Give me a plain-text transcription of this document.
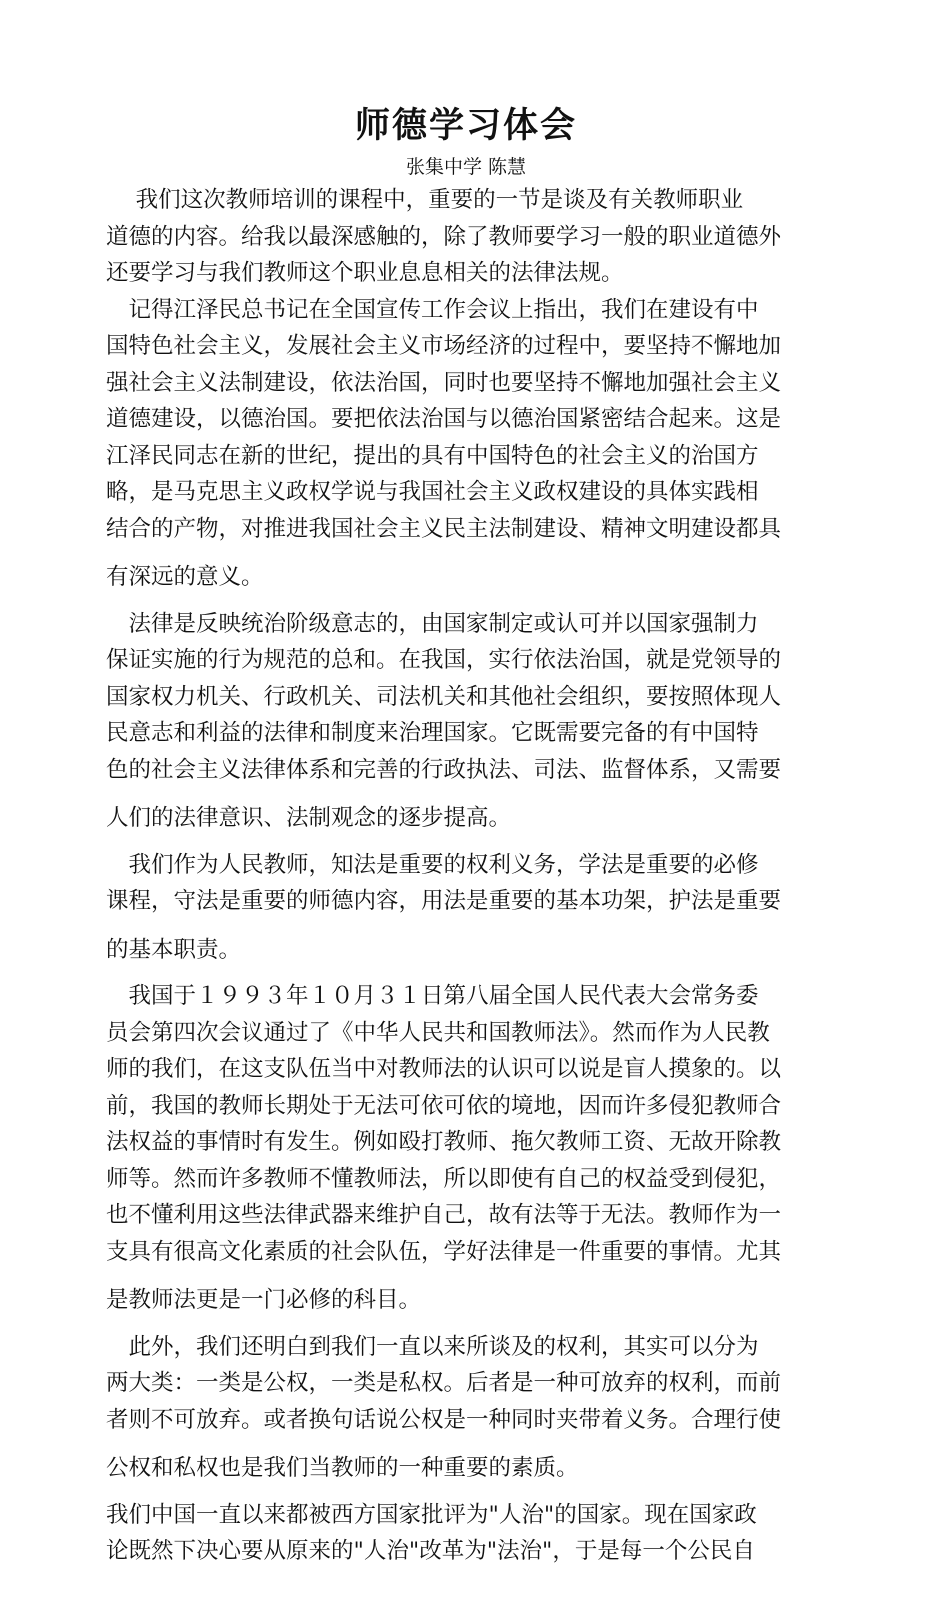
师德学习体会
张集中学 陈慧

　 我们这次教师培训的课程中，重要的一节是谈及有关教师职业
道德的内容。给我以最深感触的，除了教师要学习一般的职业道德外
还要学习与我们教师这个职业息息相关的法律法规。

　记得江泽民总书记在全国宣传工作会议上指出，我们在建设有中
国特色社会主义，发展社会主义市场经济的过程中，要坚持不懈地加
强社会主义法制建设，依法治国，同时也要坚持不懈地加强社会主义
道德建设，以德治国。要把依法治国与以德治国紧密结合起来。这是
江泽民同志在新的世纪，提出的具有中国特色的社会主义的治国方
略，是马克思主义政权学说与我国社会主义政权建设的具体实践相
结合的产物，对推进我国社会主义民主法制建设、精神文明建设都具
有深远的意义。

　法律是反映统治阶级意志的，由国家制定或认可并以国家强制力
保证实施的行为规范的总和。在我国，实行依法治国，就是党领导的
国家权力机关、行政机关、司法机关和其他社会组织，要按照体现人
民意志和利益的法律和制度来治理国家。它既需要完备的有中国特
色的社会主义法律体系和完善的行政执法、司法、监督体系，又需要
人们的法律意识、法制观念的逐步提高。

　我们作为人民教师，知法是重要的权利义务，学法是重要的必修
课程，守法是重要的师德内容，用法是重要的基本功架，护法是重要
的基本职责。

　我国于１９９３年１０月３１日第八届全国人民代表大会常务委
员会第四次会议通过了《中华人民共和国教师法》。然而作为人民教
师的我们，在这支队伍当中对教师法的认识可以说是盲人摸象的。以
前，我国的教师长期处于无法可依可依的境地，因而许多侵犯教师合
法权益的事情时有发生。例如殴打教师、拖欠教师工资、无故开除教
师等。然而许多教师不懂教师法，所以即使有自己的权益受到侵犯，
也不懂利用这些法律武器来维护自己，故有法等于无法。教师作为一
支具有很高文化素质的社会队伍，学好法律是一件重要的事情。尤其
是教师法更是一门必修的科目。

　此外，我们还明白到我们一直以来所谈及的权利，其实可以分为
两大类：一类是公权，一类是私权。后者是一种可放弃的权利，而前
者则不可放弃。或者换句话说公权是一种同时夹带着义务。合理行使
公权和私权也是我们当教师的一种重要的素质。

我们中国一直以来都被西方国家批评为"人治"的国家。现在国家政
论既然下决心要从原来的"人治"改革为"法治"，于是每一个公民自
